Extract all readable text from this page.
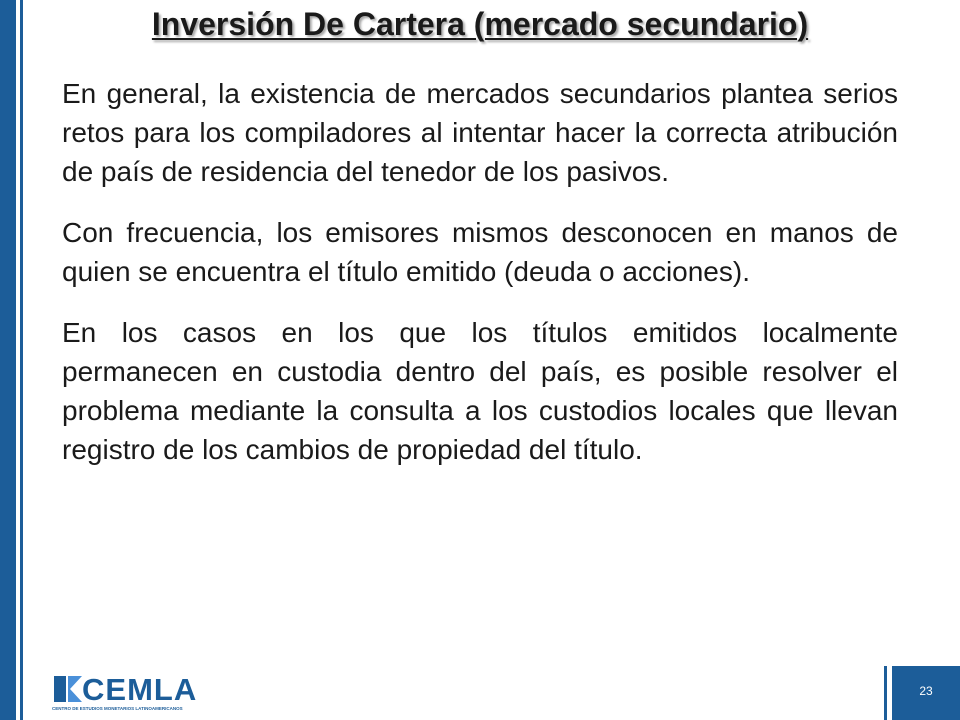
Inversión De Cartera (mercado secundario)

En general, la existencia de mercados secundarios plantea serios retos para los compiladores al intentar hacer la correcta atribución de país de residencia del tenedor de los pasivos.

Con frecuencia, los emisores mismos desconocen en manos de quien se encuentra el título emitido (deuda o acciones).

En los casos en los que los títulos emitidos localmente permanecen en custodia dentro del país, es posible resolver el problema mediante la consulta a los custodios locales que llevan registro de los cambios de propiedad del título.

CEMLA
CENTRO DE ESTUDIOS MONETARIOS LATINOAMERICANOS
23
